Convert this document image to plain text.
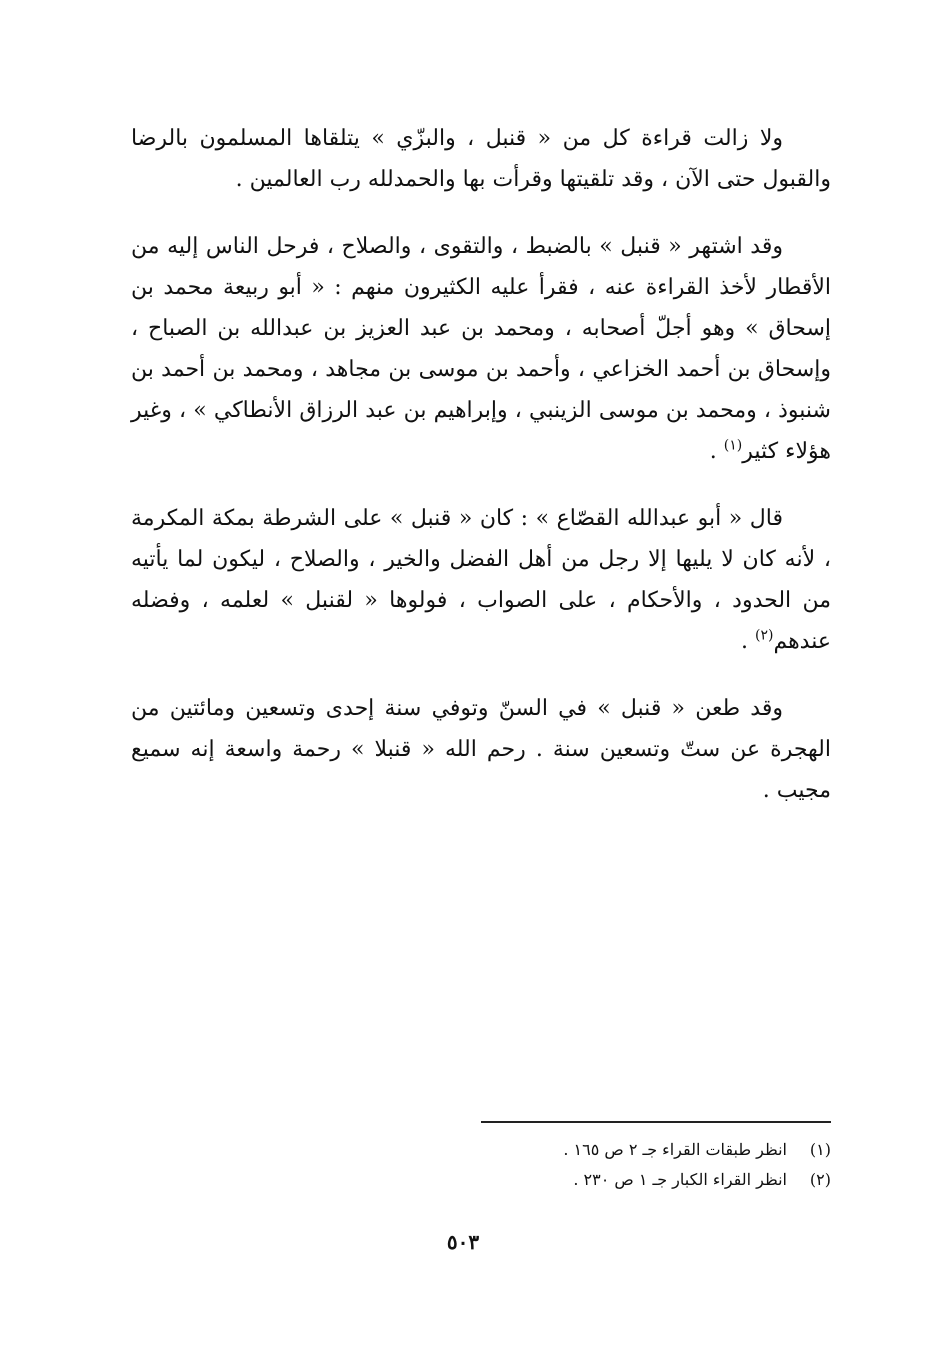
ولا زالت قراءة كل من « قنبل ، والبزّي » يتلقاها المسلمون بالرضا والقبول حتى الآن ، وقد تلقيتها وقرأت بها والحمدلله رب العالمين .

وقد اشتهر « قنبل » بالضبط ، والتقوى ، والصلاح ، فرحل الناس إليه من الأقطار لأخذ القراءة عنه ، فقرأ عليه الكثيرون منهم : « أبو ربيعة محمد بن إسحاق » وهو أجلّ أصحابه ، ومحمد بن عبد العزيز بن عبدالله بن الصباح ، وإسحاق بن أحمد الخزاعي ، وأحمد بن موسى بن مجاهد ، ومحمد بن أحمد بن شنبوذ ، ومحمد بن موسى الزينبي ، وإبراهيم بن عبد الرزاق الأنطاكي » ، وغير هؤلاء كثير$^{(١)}$ .

قال « أبو عبدالله القصّاع » : كان « قنبل » على الشرطة بمكة المكرمة ، لأنه كان لا يليها إلا رجل من أهل الفضل والخير ، والصلاح ، ليكون لما يأتيه من الحدود ، والأحكام ، على الصواب ، فولوها « لقنبل » لعلمه ، وفضله عندهم$^{(٢)}$ .

وقد طعن « قنبل » في السنّ وتوفي سنة إحدى وتسعين ومائتين من الهجرة عن ستّ وتسعين سنة . رحم الله « قنبلا » رحمة واسعة إنه سميع مجيب .

(١)
انظر طبقات القراء جـ ٢ ص ١٦٥ .
(٢)
انظر القراء الكبار جـ ١ ص ٢٣٠ .
٥٠٣
